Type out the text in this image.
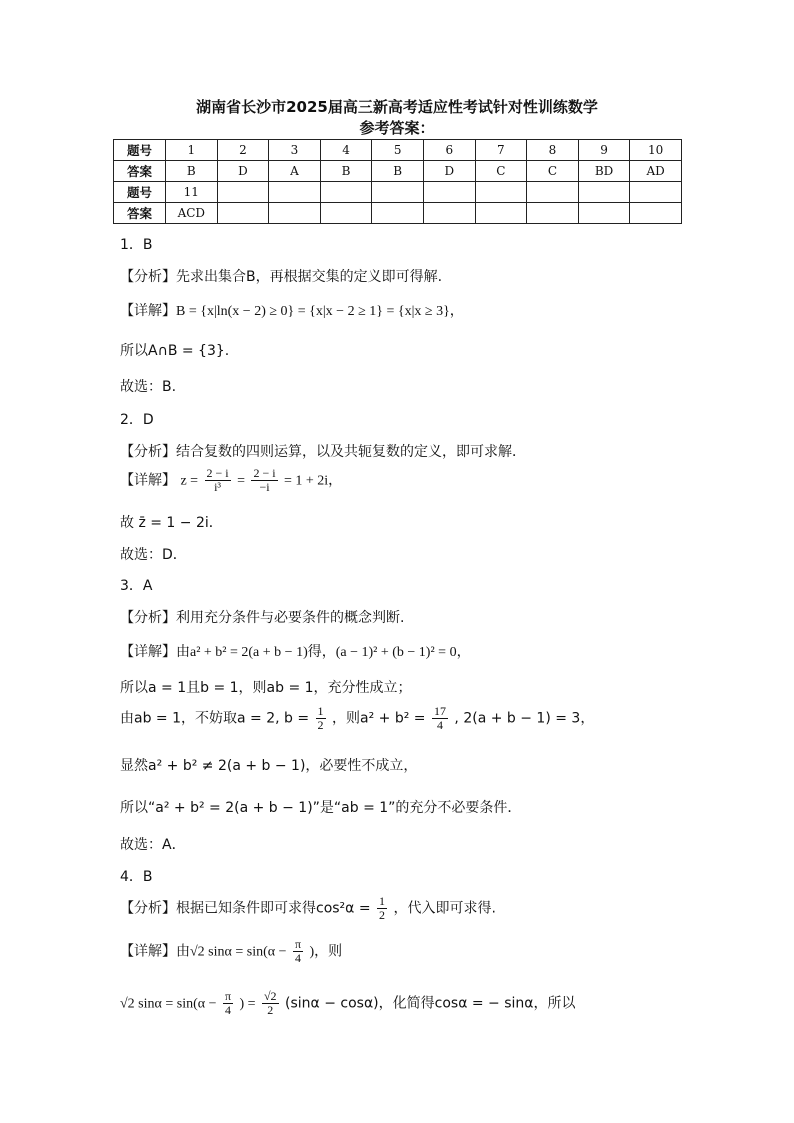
湖南省长沙市2025届高三新高考适应性考试针对性训练数学
参考答案：
题号	1	2	3	4	5	6	7	8	9	10
答案	B	D	A	B	B	D	C	C	BD	AD
题号	11									
答案	ACD									
1．B
【分析】先求出集合B，再根据交集的定义即可得解.
【详解】B = {x|ln(x − 2) ≥ 0} = {x|x − 2 ≥ 1} = {x|x ≥ 3}，
所以A∩B = {3}.
故选：B.
2．D
【分析】结合复数的四则运算，以及共轭复数的定义，即可求解．
【详解】 $z = \frac{2 - i}{\text{i³}} = \frac{2 - i}{-i} = 1 + 2i$，
故 z̄ = 1 − 2i．
故选：D．
3．A
【分析】利用充分条件与必要条件的概念判断.
【详解】由a² + b² = 2(a + b − 1)得，(a − 1)² + (b − 1)² = 0，
所以a = 1且b = 1，则ab = 1，充分性成立；
由ab = 1，不妨取a = 2, $b = \frac{1}{2}$ ，则$a^2 + b^2 = \frac{17}{4}$ , 2(a + b − 1) = 3，
显然a² + b² ≠ 2(a + b − 1)，必要性不成立，
所以“a² + b² = 2(a + b − 1)”是“ab = 1”的充分不必要条件．
故选：A．
4．B
【分析】根据已知条件即可求得$\cos^2\alpha = \frac{1}{2}$ ，代入即可求得.
【详解】由√2 $\sin\alpha = \sin(\alpha - \frac{\pi}{4}$ )，则
√2 $\sin\alpha = \sin(\alpha - \frac{\pi}{4}$ ) = $\frac{√2}{2} (\sin\alpha - \cos\alpha)$，化简得cosα = − sinα，所以
